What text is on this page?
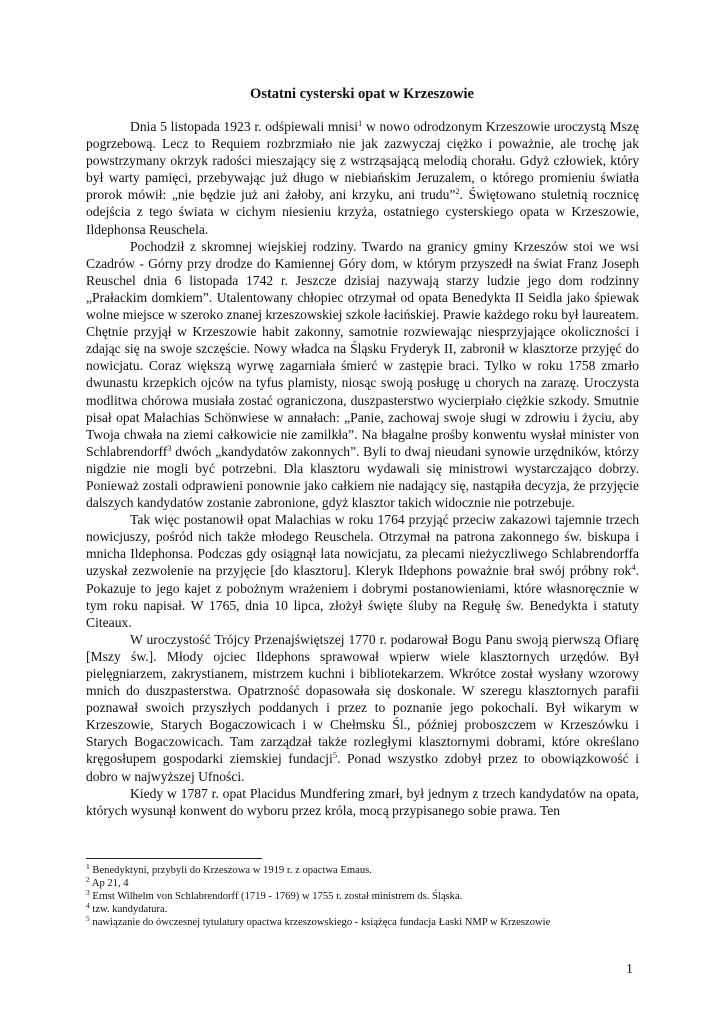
Ostatni cysterski opat w Krzeszowie

Dnia 5 listopada 1923 r. odśpiewali mnisi$^1$ w nowo odrodzonym Krzeszowie uroczystą Mszę pogrzebową. Lecz to Requiem rozbrzmiało nie jak zazwyczaj ciężko i poważnie, ale trochę jak powstrzymany okrzyk radości mieszający się z wstrząsającą melodią chorału. Gdyż człowiek, który był warty pamięci, przebywając już długo w niebiańskim Jeruzalem, o którego promieniu światła prorok mówił: „nie będzie już ani żałoby, ani krzyku, ani trudu”$^2$. Świętowano stuletnią rocznicę odejścia z tego świata w cichym niesieniu krzyża, ostatniego cysterskiego opata w Krzeszowie, Ildephonsa Reuschela.

Pochodził z skromnej wiejskiej rodziny. Twardo na granicy gminy Krzeszów stoi we wsi Czadrów - Górny przy drodze do Kamiennej Góry dom, w którym przyszedł na świat Franz Joseph Reuschel dnia 6 listopada 1742 r. Jeszcze dzisiaj nazywają starzy ludzie jego dom rodzinny „Prałackim domkiem”. Utalentowany chłopiec otrzymał od opata Benedykta II Seidla jako śpiewak wolne miejsce w szeroko znanej krzeszowskiej szkole łacińskiej. Prawie każdego roku był laureatem. Chętnie przyjął w Krzeszowie habit zakonny, samotnie rozwiewając niesprzyjające okoliczności i zdając się na swoje szczęście. Nowy władca na Śląsku Fryderyk II, zabronił w klasztorze przyjęć do nowicjatu. Coraz większą wyrwę zagarniała śmierć w zastępie braci. Tylko w roku 1758 zmarło dwunastu krzepkich ojców na tyfus plamisty, niosąc swoją posługę u chorych na zarazę. Uroczysta modlitwa chórowa musiała zostać ograniczona, duszpasterstwo wycierpiało ciężkie szkody. Smutnie pisał opat Malachias Schönwiese w annałach: „Panie, zachowaj swoje sługi w zdrowiu i życiu, aby Twoja chwała na ziemi całkowicie nie zamilkła”. Na błagalne prośby konwentu wysłał minister von Schlabrendorff$^3$ dwóch „kandydatów zakonnych”. Byli to dwaj nieudani synowie urzędników, którzy nigdzie nie mogli być potrzebni. Dla klasztoru wydawali się ministrowi wystarczająco dobrzy. Ponieważ zostali odprawieni ponownie jako całkiem nie nadający się, nastąpiła decyzja, że przyjęcie dalszych kandydatów zostanie zabronione, gdyż klasztor takich widocznie nie potrzebuje.

Tak więc postanowił opat Malachias w roku 1764 przyjąć przeciw zakazowi tajemnie trzech nowicjuszy, pośród nich także młodego Reuschela. Otrzymał na patrona zakonnego św. biskupa i mnicha Ildephonsa. Podczas gdy osiągnął lata nowicjatu, za plecami nieżyczliwego Schlabrendorffa uzyskał zezwolenie na przyjęcie [do klasztoru]. Kleryk Ildephons poważnie brał swój próbny rok$^4$. Pokazuje to jego kajet z pobożnym wrażeniem i dobrymi postanowieniami, które własnoręcznie w tym roku napisał. W 1765, dnia 10 lipca, złożył święte śluby na Regułę św. Benedykta i statuty Citeaux.

W uroczystość Trójcy Przenajświętszej 1770 r. podarował Bogu Panu swoją pierwszą Ofiarę [Mszy św.]. Młody ojciec Ildephons sprawował wpierw wiele klasztornych urzędów. Był pielęgniarzem, zakrystianem, mistrzem kuchni i bibliotekarzem. Wkrótce został wysłany wzorowy mnich do duszpasterstwa. Opatrzność dopasowała się doskonale. W szeregu klasztornych parafii poznawał swoich przyszłych poddanych i przez to poznanie jego pokochali. Był wikarym w Krzeszowie, Starych Bogaczowicach i w Chełmsku Śl., później proboszczem w Krzeszówku i Starych Bogaczowicach. Tam zarządzał także rozległymi klasztornymi dobrami, które określano kręgosłupem gospodarki ziemskiej fundacji$^5$. Ponad wszystko zdobył przez to obowiązkowość i dobro w najwyższej Ufności.

Kiedy w 1787 r. opat Placidus Mundfering zmarł, był jednym z trzech kandydatów na opata, których wysunął konwent do wyboru przez króla, mocą przypisanego sobie prawa. Ten

$^1$ Benedyktyni, przybyli do Krzeszowa w 1919 r. z opactwa Emaus.
$^2$ Ap 21, 4
$^3$ Ernst Wilhelm von Schlabrendorff (1719 - 1769) w 1755 r. został ministrem ds. Śląska.
$^4$ tzw. kandydatura.
$^5$ nawiązanie do ówczesnej tytulatury opactwa krzeszowskiego - książęca fundacja Łaski NMP w Krzeszowie
1
